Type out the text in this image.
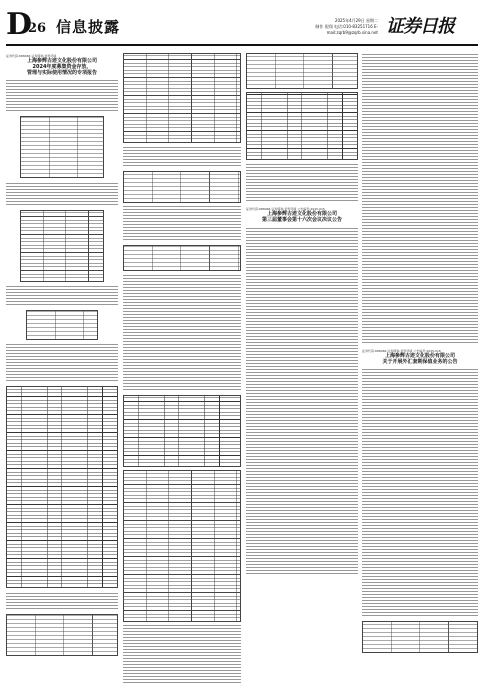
D
26 信息披露	2025年4月29日 星期二
制作 倪翔 电话:010-83251716 E-mail:zqrb9@zqrb.sina.net 证券日报
证券代码:688466 证券简称:金科环境
上海参辉古迹文化股份有限公司
2024年度募集资金存放、
管理与实际使用情况的专项报告
证券代码:688466 证券简称:金科环境 公告编号:2025-015
上海参辉古迹文化股份有限公司
第三届董事会第十六次会议决议公告
证券代码:688466 证券简称:金科环境 公告编号:2025-016
上海参辉古迹文化股份有限公司
关于开展外汇套期保值业务的公告
